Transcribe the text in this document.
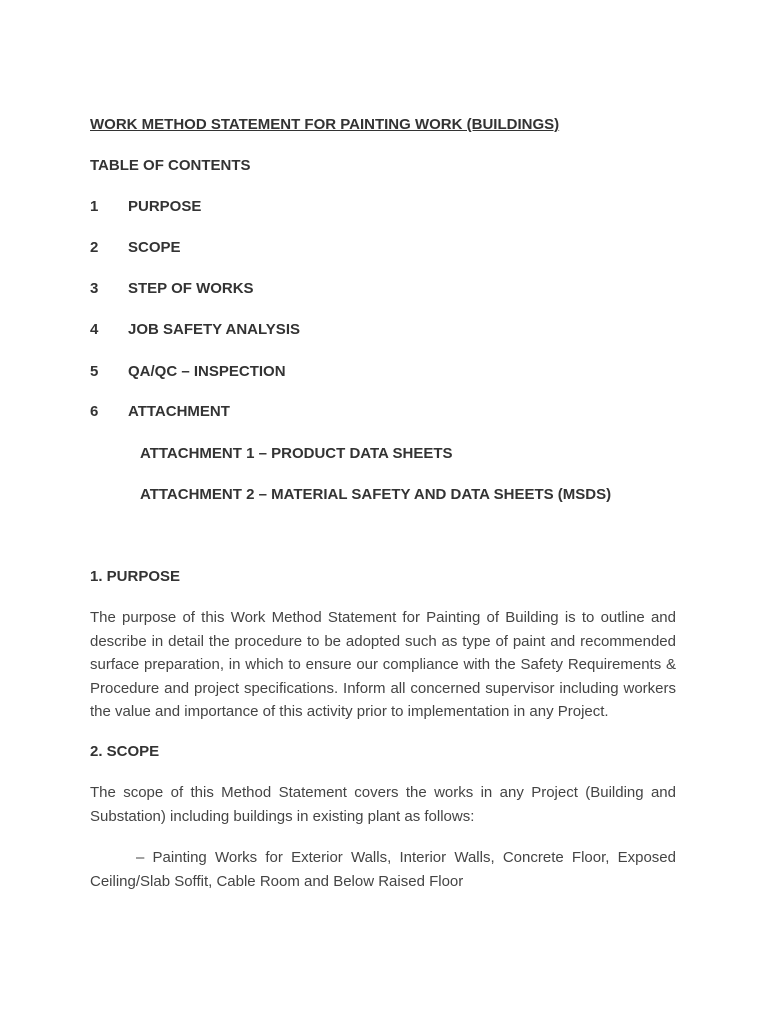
WORK METHOD STATEMENT FOR PAINTING WORK (BUILDINGS)
TABLE OF CONTENTS
1 PURPOSE
2 SCOPE
3 STEP OF WORKS
4 JOB SAFETY ANALYSIS
5 QA/QC – INSPECTION
6 ATTACHMENT
ATTACHMENT 1 – PRODUCT DATA SHEETS
ATTACHMENT 2 – MATERIAL SAFETY AND DATA SHEETS (MSDS)
1. PURPOSE
The purpose of this Work Method Statement for Painting of Building is to outline and describe in detail the procedure to be adopted such as type of paint and recommended surface preparation, in which to ensure our compliance with the Safety Requirements & Procedure and project specifications. Inform all concerned supervisor including workers the value and importance of this activity prior to implementation in any Project.
2. SCOPE
The scope of this Method Statement covers the works in any Project (Building and Substation) including buildings in existing plant as follows:
– Painting Works for Exterior Walls, Interior Walls, Concrete Floor, Exposed Ceiling/Slab Soffit, Cable Room and Below Raised Floor
